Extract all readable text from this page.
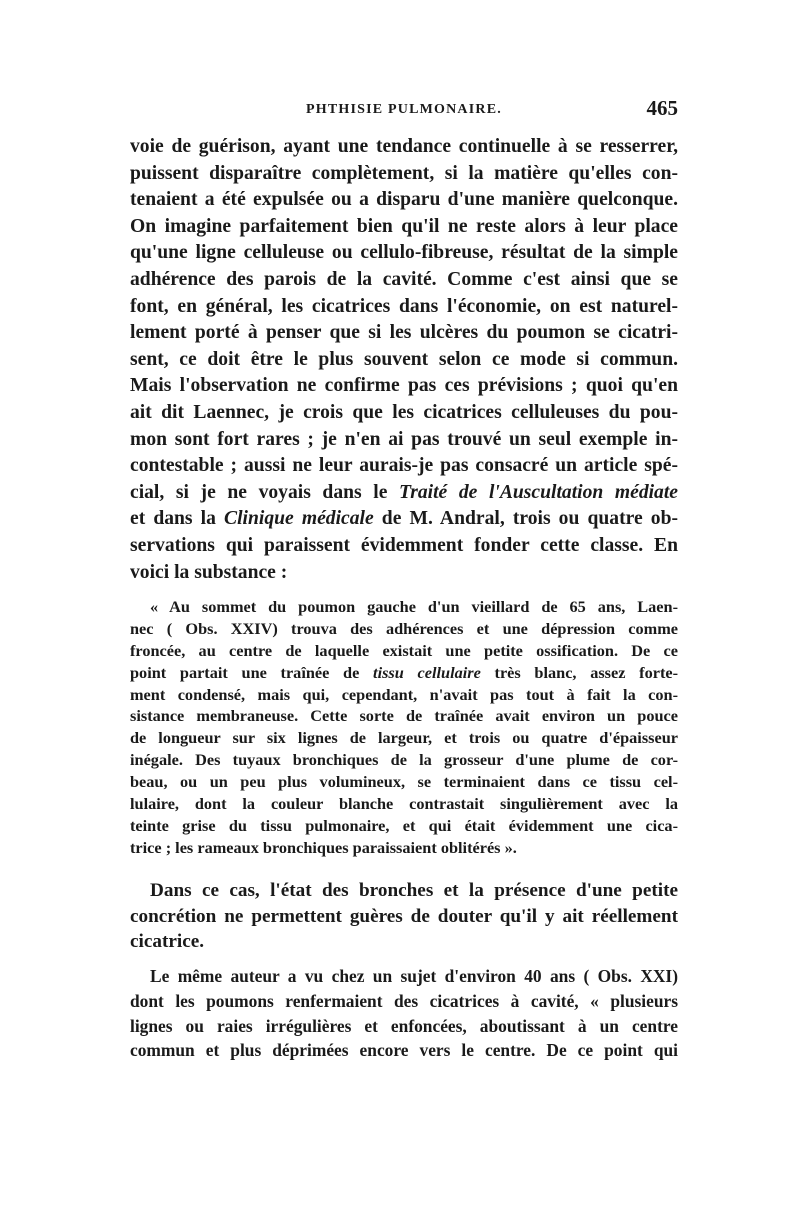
PHTHISIE PULMONAIRE.	465
voie de guérison, ayant une tendance continuelle à se resserrer,
puissent disparaître complètement, si la matière qu'elles con-
tenaient a été expulsée ou a disparu d'une manière quelconque.
On imagine parfaitement bien qu'il ne reste alors à leur place
qu'une ligne celluleuse ou cellulo-fibreuse, résultat de la simple
adhérence des parois de la cavité. Comme c'est ainsi que se
font, en général, les cicatrices dans l'économie, on est naturel-
lement porté à penser que si les ulcères du poumon se cicatri-
sent, ce doit être le plus souvent selon ce mode si commun.
Mais l'observation ne confirme pas ces prévisions ; quoi qu'en
ait dit Laennec, je crois que les cicatrices celluleuses du pou-
mon sont fort rares ; je n'en ai pas trouvé un seul exemple in-
contestable ; aussi ne leur aurais-je pas consacré un article spé-
cial, si je ne voyais dans le Traité de l'Auscultation médiate
et dans la Clinique médicale de M. Andral, trois ou quatre ob-
servations qui paraissent évidemment fonder cette classe. En
voici la substance :
« Au sommet du poumon gauche d'un vieillard de 65 ans, Laen-
nec ( Obs. XXIV) trouva des adhérences et une dépression comme
froncée, au centre de laquelle existait une petite ossification. De ce
point partait une traînée de tissu cellulaire très blanc, assez forte-
ment condensé, mais qui, cependant, n'avait pas tout à fait la con-
sistance membraneuse. Cette sorte de traînée avait environ un pouce
de longueur sur six lignes de largeur, et trois ou quatre d'épaisseur
inégale. Des tuyaux bronchiques de la grosseur d'une plume de cor-
beau, ou un peu plus volumineux, se terminaient dans ce tissu cel-
lulaire, dont la couleur blanche contrastait singulièrement avec la
teinte grise du tissu pulmonaire, et qui était évidemment une cica-
trice ; les rameaux bronchiques paraissaient oblitérés ».
Dans ce cas, l'état des bronches et la présence d'une petite
concrétion ne permettent guères de douter qu'il y ait réellement
cicatrice.
Le même auteur a vu chez un sujet d'environ 40 ans ( Obs. XXI)
dont les poumons renfermaient des cicatrices à cavité, « plusieurs
lignes ou raies irrégulières et enfoncées, aboutissant à un centre
commun et plus déprimées encore vers le centre. De ce point qui
